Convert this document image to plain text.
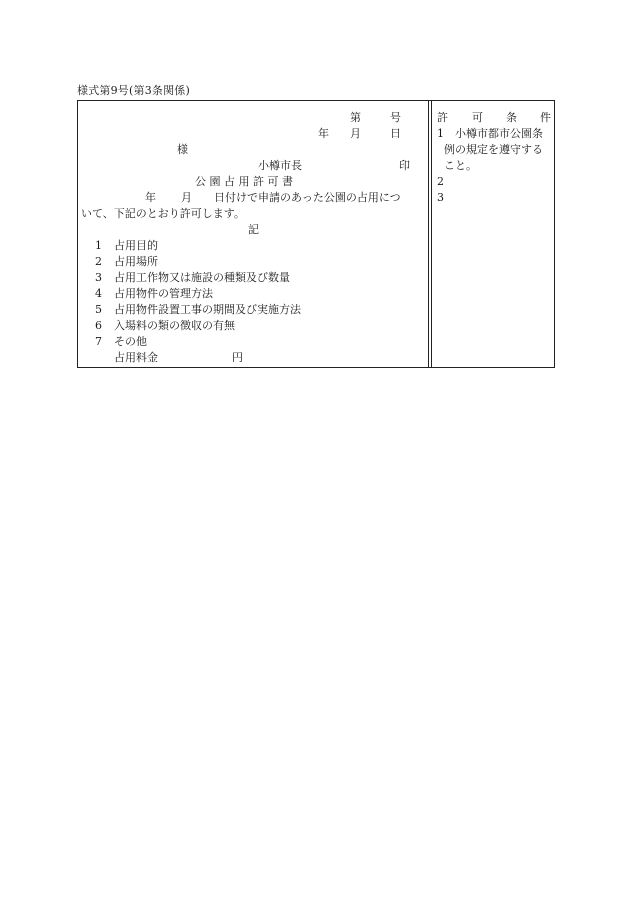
様式第9号(第3条関係)
第	号
年 月	日
様
小樽市長	印
公 園 占 用 許 可 書
年 月 日付けで申請のあった公園の占用につ
いて、下記のとおり許可します。
記
1 占用目的
2 占用場所
3 占用工作物又は施設の種類及び数量
4 占用物件の管理方法
5 占用物件設置工事の期間及び実施方法
6 入場料の類の徴収の有無
7 その他
占用料金	円
許 可 条 件
1 小樽市都市公園条
例の規定を遵守する
こと。
2
3
